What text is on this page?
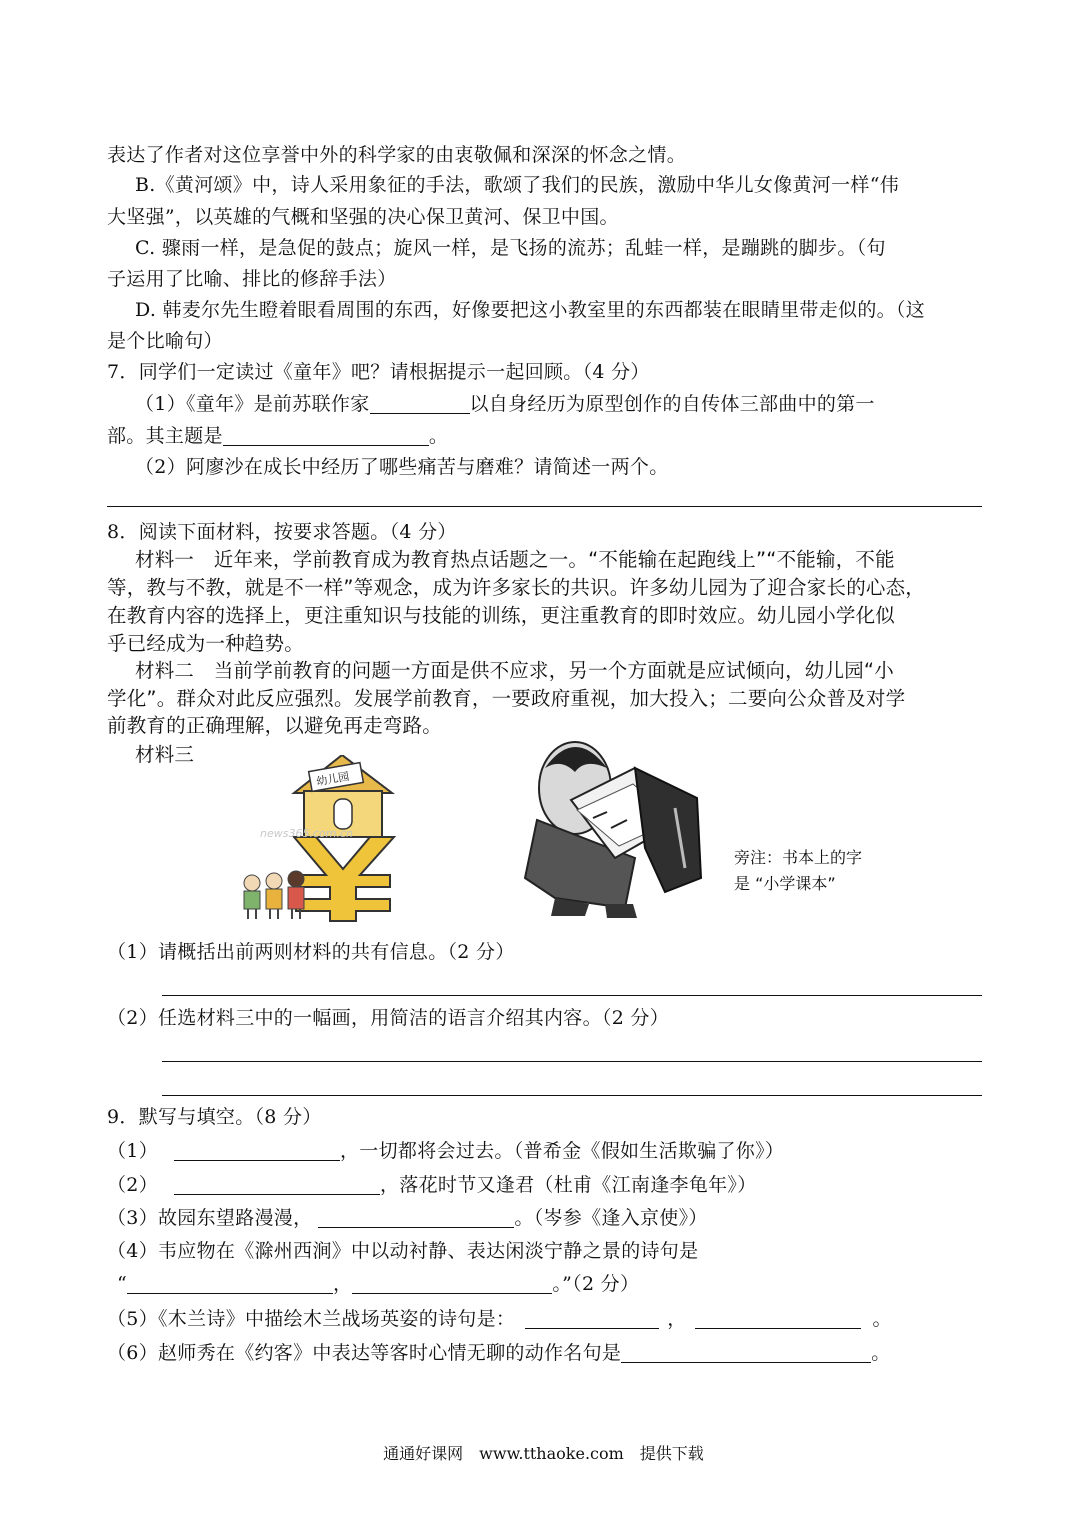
表达了作者对这位享誉中外的科学家的由衷敬佩和深深的怀念之情。
B.《黄河颂》中，诗人采用象征的手法，歌颂了我们的民族，激励中华儿女像黄河一样“伟
大坚强”，以英雄的气概和坚强的决心保卫黄河、保卫中国。
C. 骤雨一样，是急促的鼓点；旋风一样，是飞扬的流苏；乱蛙一样，是蹦跳的脚步。（句
子运用了比喻、排比的修辞手法）
D. 韩麦尔先生瞪着眼看周围的东西，好像要把这小教室里的东西都装在眼睛里带走似的。（这
是个比喻句）
7．同学们一定读过《童年》吧？请根据提示一起回顾。（4 分）
（1）《童年》是前苏联作家	以自身经历为原型创作的自传体三部曲中的第一
部。其主题是	。
（2）阿廖沙在成长中经历了哪些痛苦与磨难？请简述一两个。
8．阅读下面材料，按要求答题。（4 分）
材料一　近年来，学前教育成为教育热点话题之一。“不能输在起跑线上”“不能输，不能
等，教与不教，就是不一样”等观念，成为许多家长的共识。许多幼儿园为了迎合家长的心态，
在教育内容的选择上，更注重知识与技能的训练，更注重教育的即时效应。幼儿园小学化似
乎已经成为一种趋势。
材料二　当前学前教育的问题一方面是供不应求，另一个方面就是应试倾向，幼儿园“小
学化”。群众对此反应强烈。发展学前教育，一要政府重视，加大投入；二要向公众普及对学
前教育的正确理解，以避免再走弯路。
材料三
幼儿园
news365.com.cn
旁注：书本上的字
是 “小学课本”
（1）请概括出前两则材料的共有信息。（2 分）
（2）任选材料三中的一幅画，用简洁的语言介绍其内容。（2 分）
9．默写与填空。（8 分）
（1）	，一切都将会过去。（普希金《假如生活欺骗了你》）
（2）	，落花时节又逢君（杜甫《江南逢李龟年》）
（3）故园东望路漫漫，	。（岑参《逢入京使》）
（4）韦应物在《滁州西涧》中以动衬静、表达闲淡宁静之景的诗句是
“	，	。”（2 分）
（5）《木兰诗》中描绘木兰战场英姿的诗句是：	，	。
（6）赵师秀在《约客》中表达等客时心情无聊的动作名句是	。
通通好课网　www.tthaoke.com　提供下载
